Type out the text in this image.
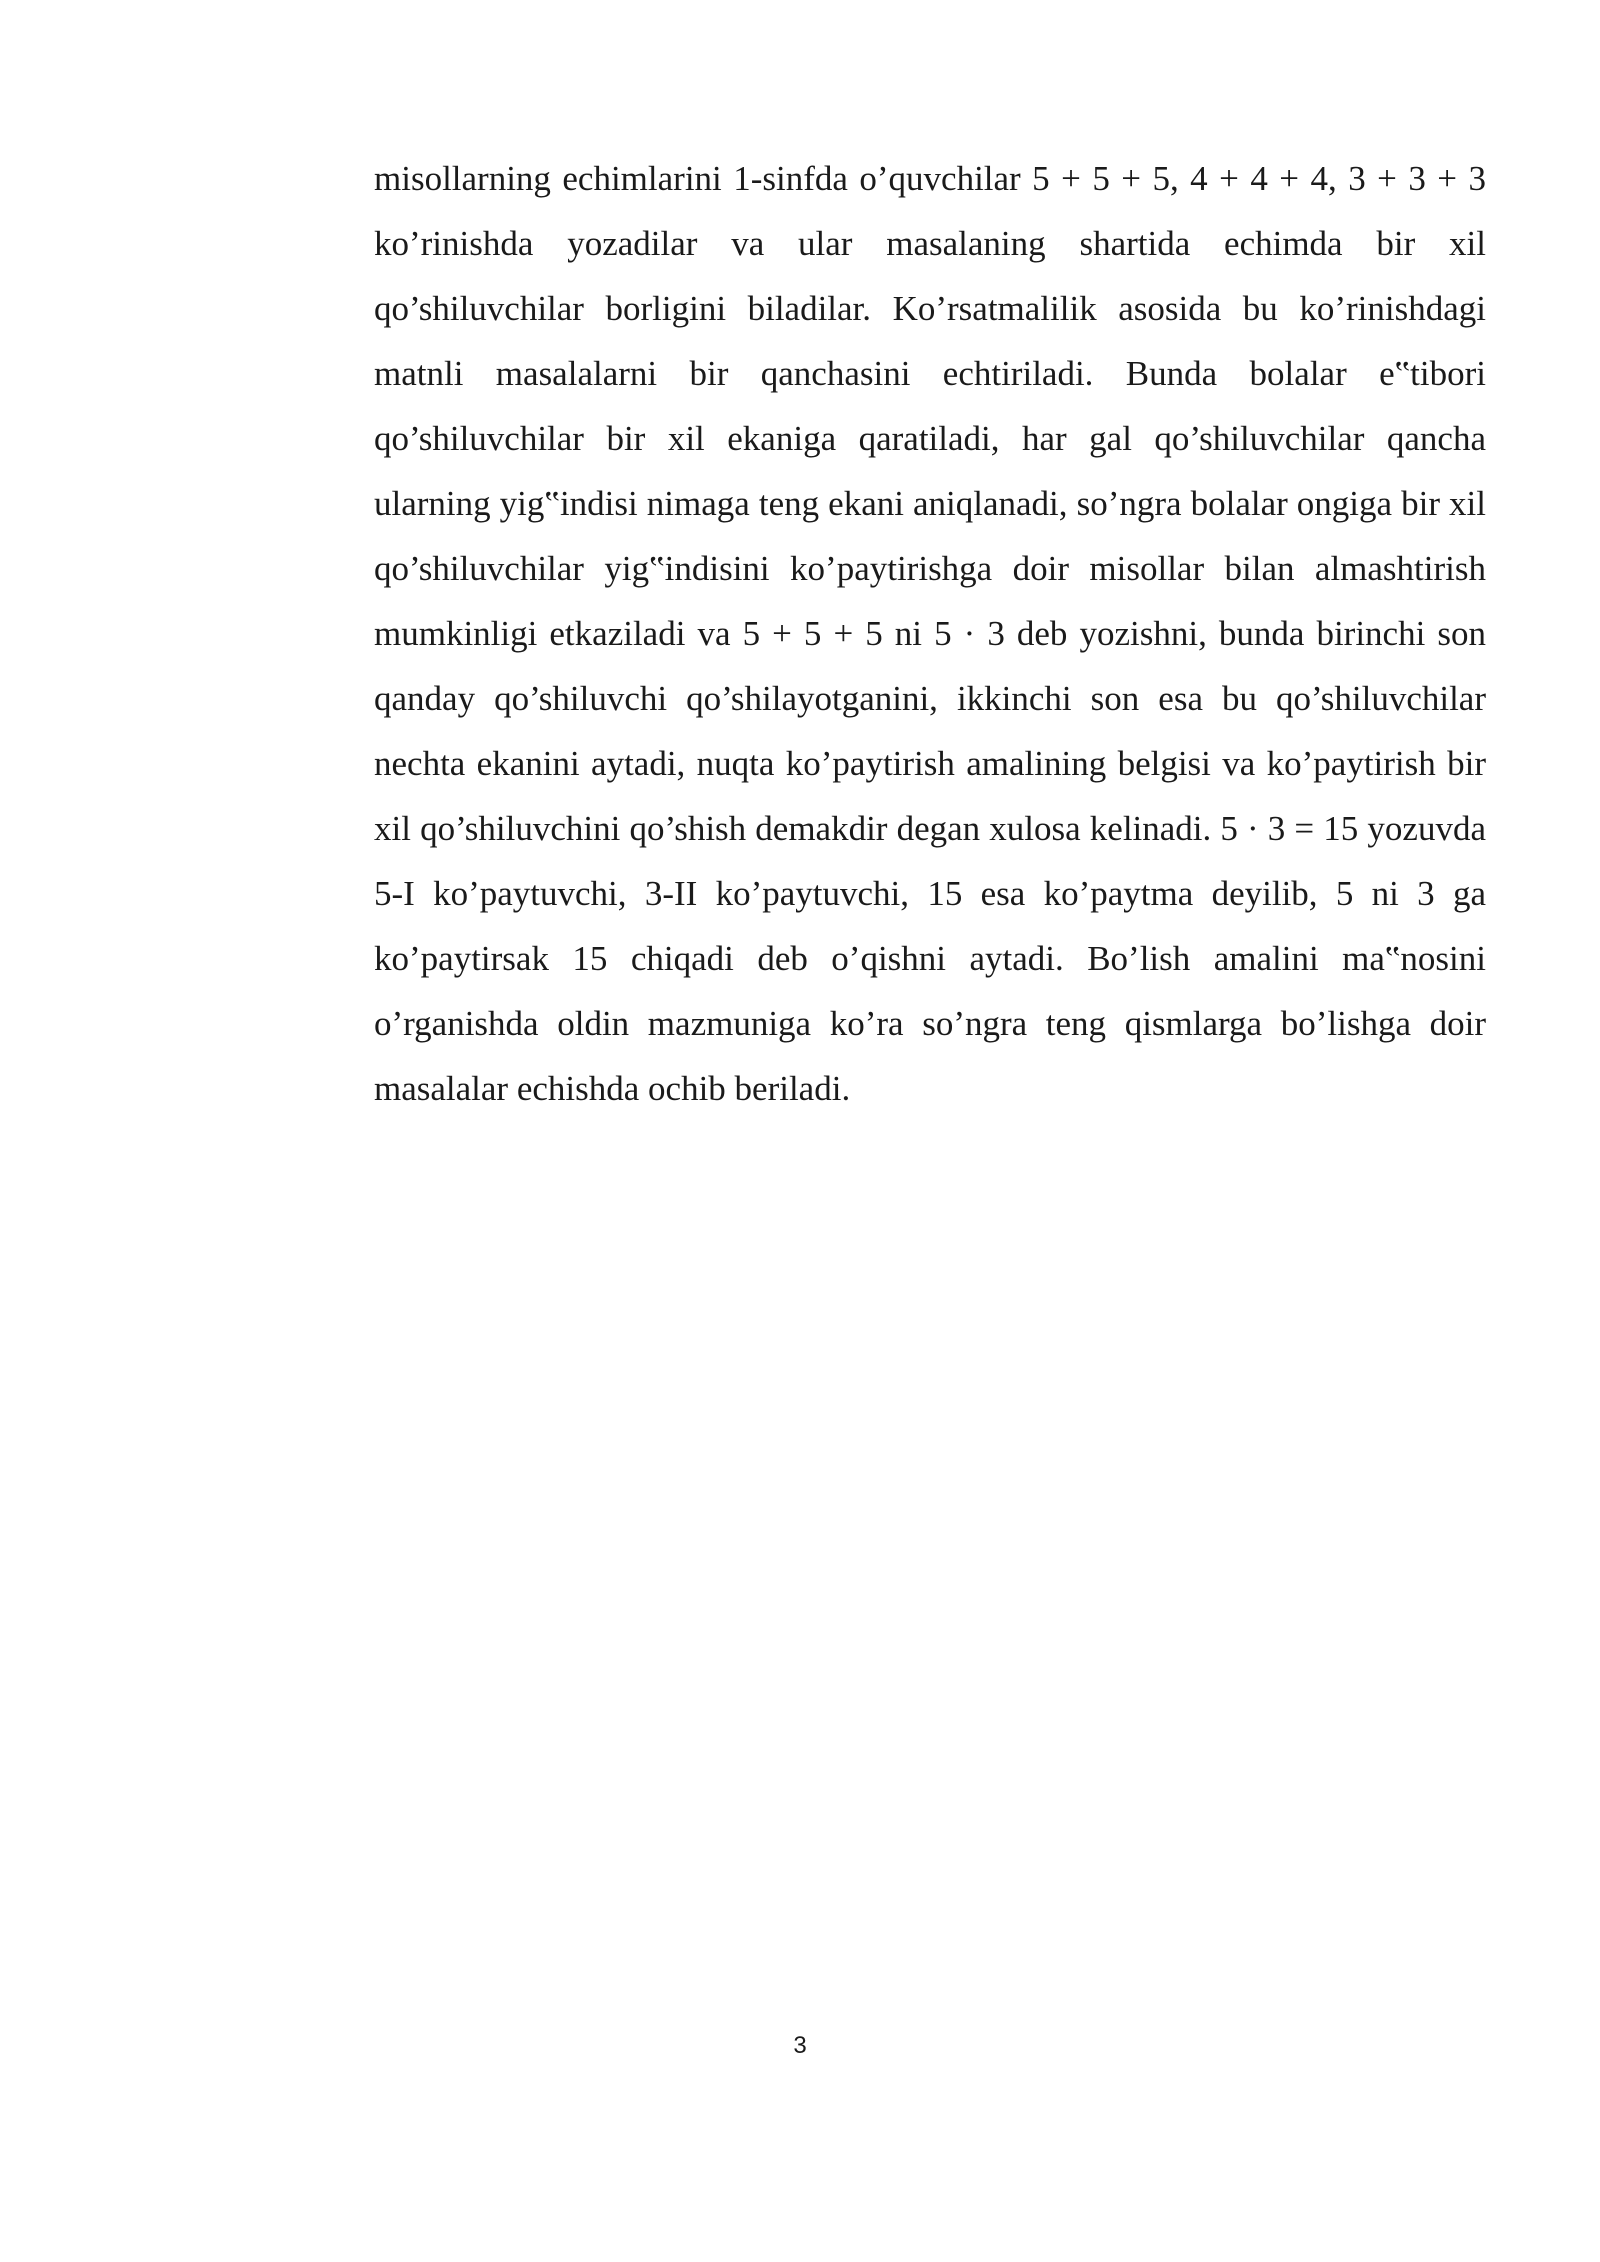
misollarning echimlarini 1-sinfda o’quvchilar 5 + 5 + 5, 4 + 4 + 4, 3 + 3 + 3 ko’rinishda yozadilar va ular masalaning shartida echimda bir xil qo’shiluvchilar borligini biladilar. Ko’rsatmalilik asosida bu ko’rinishdagi matnli masalalarni bir qanchasini echtiriladi. Bunda bolalar e‟tibori qo’shiluvchilar bir xil ekaniga qaratiladi, har gal qo’shiluvchilar qancha ularning yig‟indisi nimaga teng ekani aniqlanadi, so’ngra bolalar ongiga bir xil qo’shiluvchilar yig‟indisini ko’paytirishga doir misollar bilan almashtirish mumkinligi etkaziladi va 5 + 5 + 5 ni 5 · 3 deb yozishni, bunda birinchi son qanday qo’shiluvchi qo’shilayotganini, ikkinchi son esa bu qo’shiluvchilar nechta ekanini aytadi, nuqta ko’paytirish amalining belgisi va ko’paytirish bir xil qo’shiluvchini qo’shish demakdir degan xulosa kelinadi. 5 · 3 = 15 yozuvda 5-I ko’paytuvchi, 3-II ko’paytuvchi, 15 esa ko’paytma deyilib, 5 ni 3 ga ko’paytirsak 15 chiqadi deb o’qishni aytadi. Bo’lish amalini ma‟nosini o’rganishda oldin mazmuniga ko’ra so’ngra teng qismlarga bo’lishga doir masalalar echishda ochib beriladi.

3
